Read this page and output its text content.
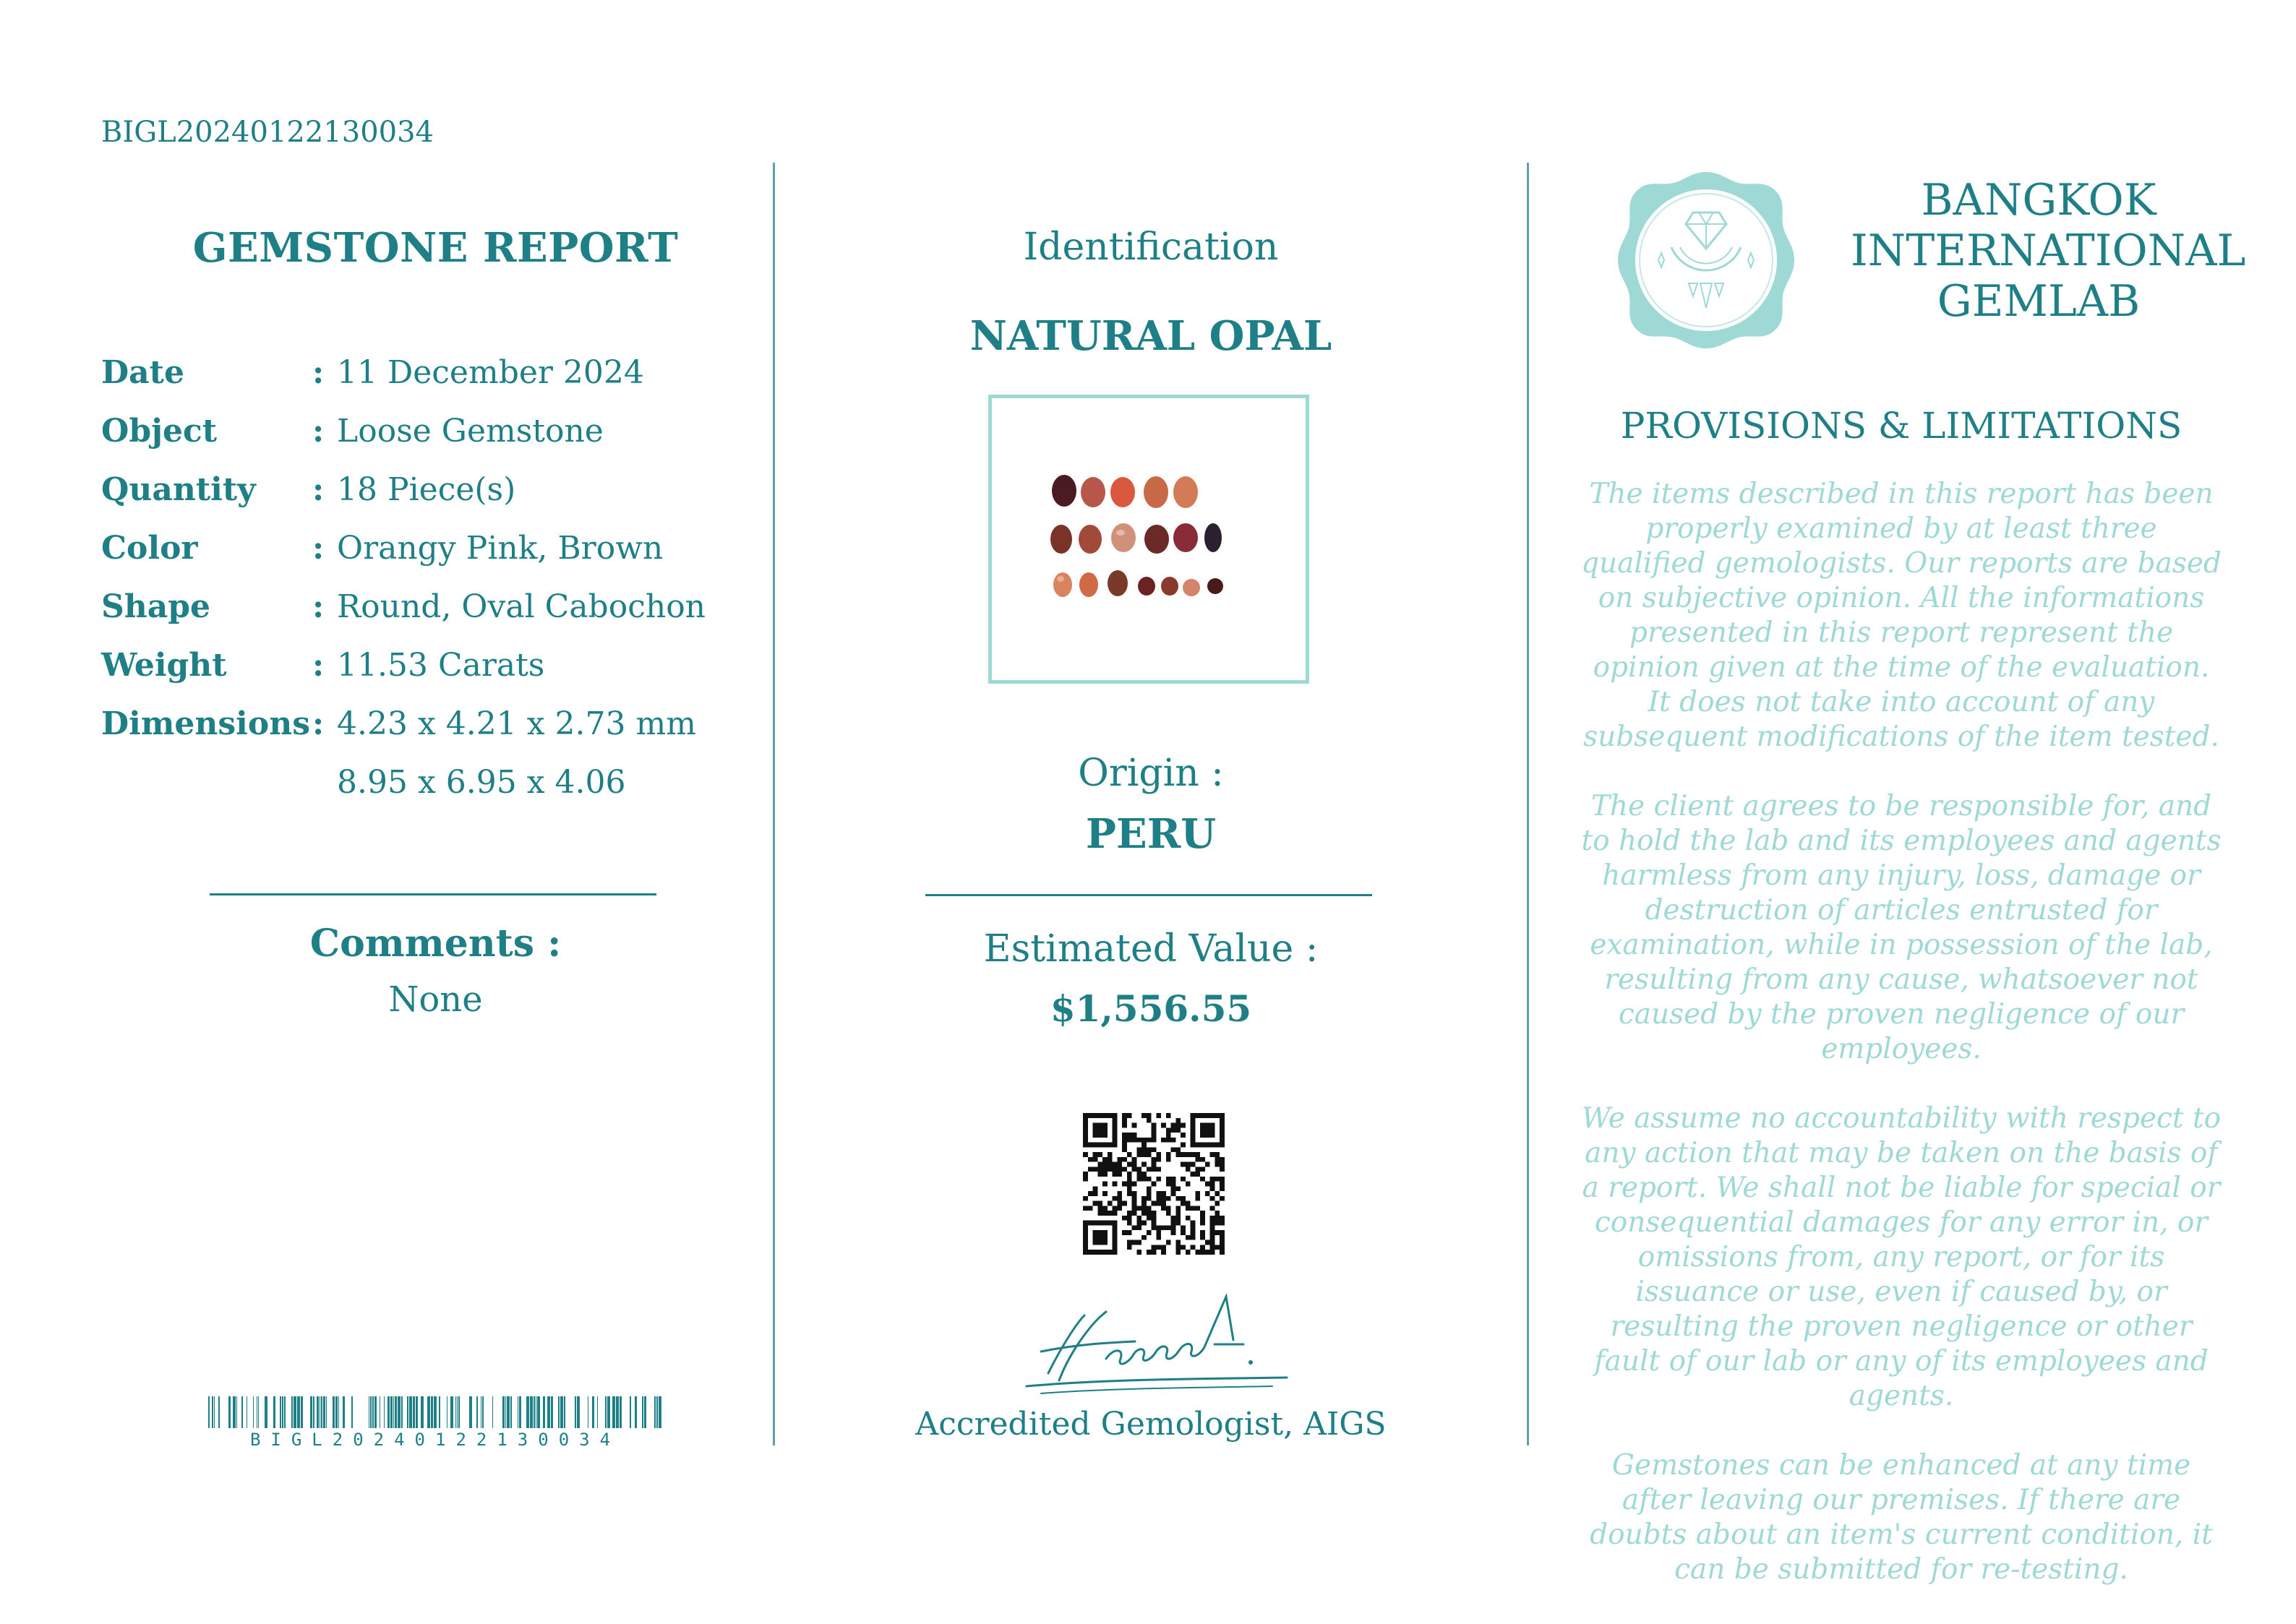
BIGL20240122130034
GEMSTONE REPORT
Date	: 11 December 2024
Object	: Loose Gemstone
Quantity	: 18 Piece(s)
Color	: Orangy Pink, Brown
Shape	: Round, Oval Cabochon
Weight	: 11.53 Carats
Dimensions : 4.23 x 4.21 x 2.73 mm
8.95 x 6.95 x 4.06
Comments :
None
BIGL20240122130034
Identification
NATURAL OPAL
Origin :
PERU
Estimated Value :
$1,556.55
Accredited Gemologist, AIGS
BANGKOK
INTERNATIONAL
GEMLAB
PROVISIONS & LIMITATIONS

The items described in this report has been properly examined by at least three qualified gemologists. Our reports are based on subjective opinion. All the informations presented in this report represent the opinion given at the time of the evaluation. It does not take into account of any subsequent modifications of the item tested.

The client agrees to be responsible for, and to hold the lab and its employees and agents harmless from any injury, loss, damage or destruction of articles entrusted for examination, while in possession of the lab, resulting from any cause, whatsoever not caused by the proven negligence of our employees.

We assume no accountability with respect to any action that may be taken on the basis of a report. We shall not be liable for special or consequential damages for any error in, or omissions from, any report, or for its issuance or use, even if caused by, or resulting the proven negligence or other fault of our lab or any of its employees and agents.

Gemstones can be enhanced at any time after leaving our premises. If there are doubts about an item's current condition, it can be submitted for re-testing.
